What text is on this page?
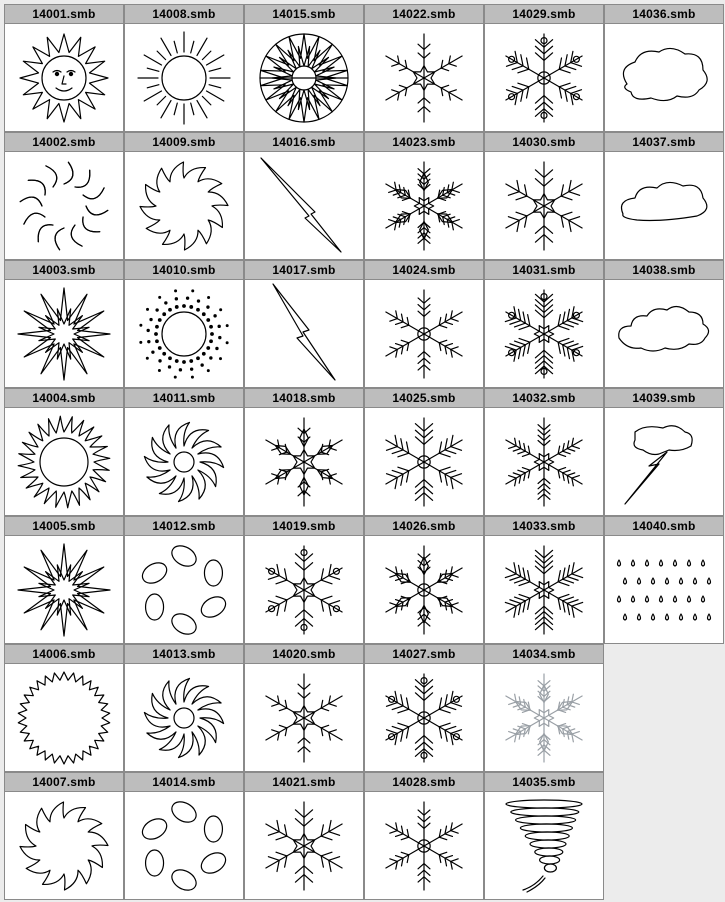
14001.smb	14008.smb	14015.smb	14022.smb	14029.smb	14036.smb
14002.smb	14009.smb	14016.smb	14023.smb	14030.smb	14037.smb
14003.smb	14010.smb	14017.smb	14024.smb	14031.smb	14038.smb
14004.smb	14011.smb	14018.smb	14025.smb	14032.smb	14039.smb
14005.smb	14012.smb	14019.smb	14026.smb	14033.smb	14040.smb
14006.smb	14013.smb	14020.smb	14027.smb	14034.smb
14007.smb	14014.smb	14021.smb	14028.smb	14035.smb
